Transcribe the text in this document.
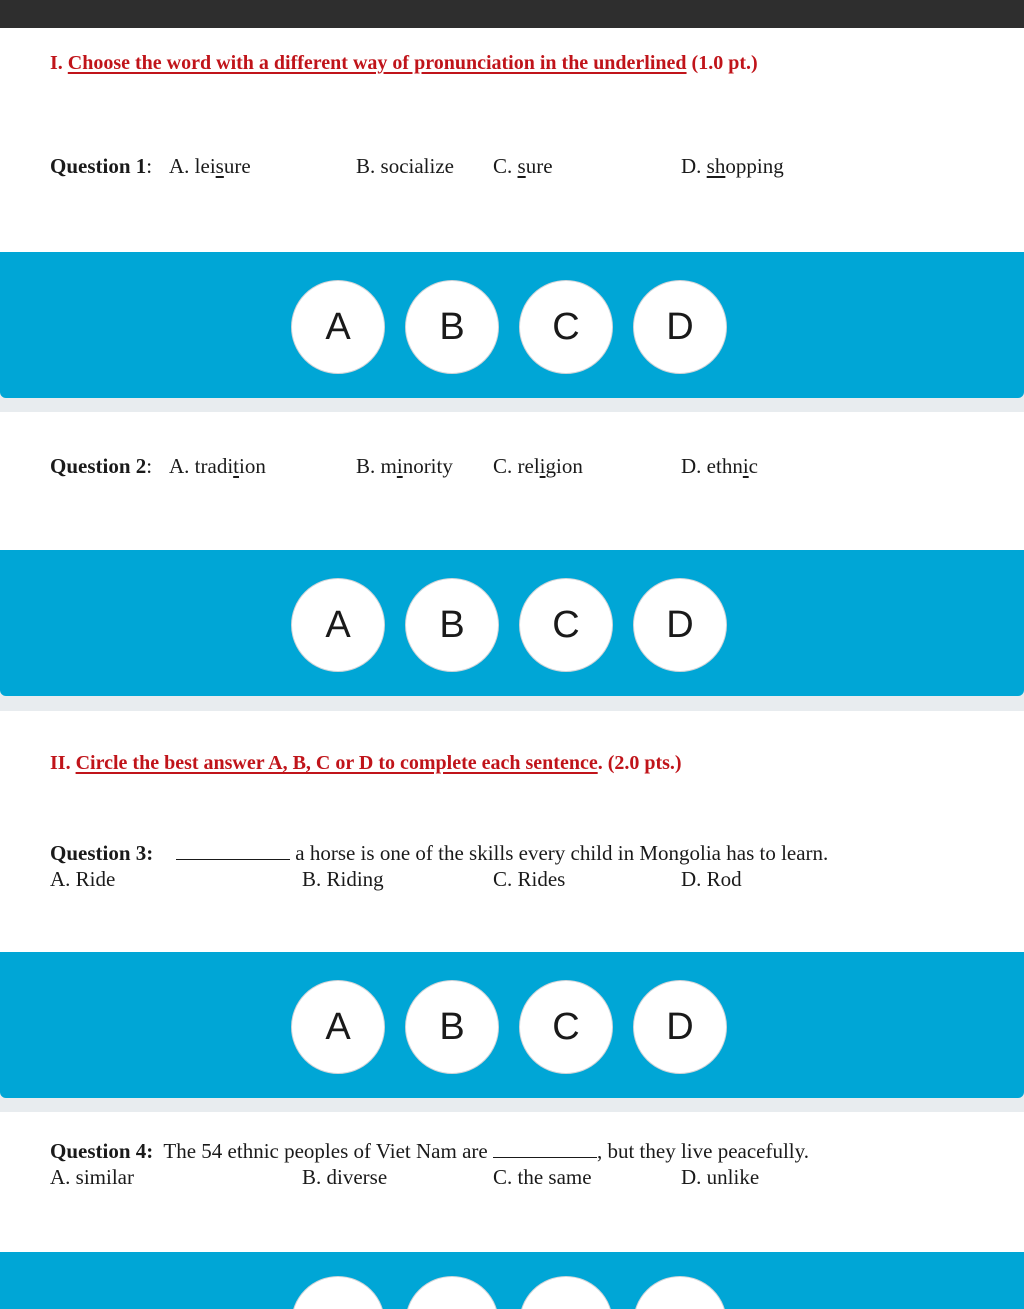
I. Choose the word with a different way of pronunciation in the underlined (1.0 pt.)
Question 1: A. leisure	B. socialize C. sure	D. shopping
A	B	C	D
Question 2: A. tradition	B. minority C. religion	D. ethnic
A	B	C	D
II. Circle the best answer A, B, C or D to complete each sentence. (2.0 pts.)
Question 3:	a horse is one of the skills every child in Mongolia has to learn.
A. Ride	B. Riding	C. Rides	D. Rod
A	B	C	D
Question 4: The 54 ethnic peoples of Viet Nam are	, but they live peacefully.
A. similar	B. diverse	C. the same	D. unlike
